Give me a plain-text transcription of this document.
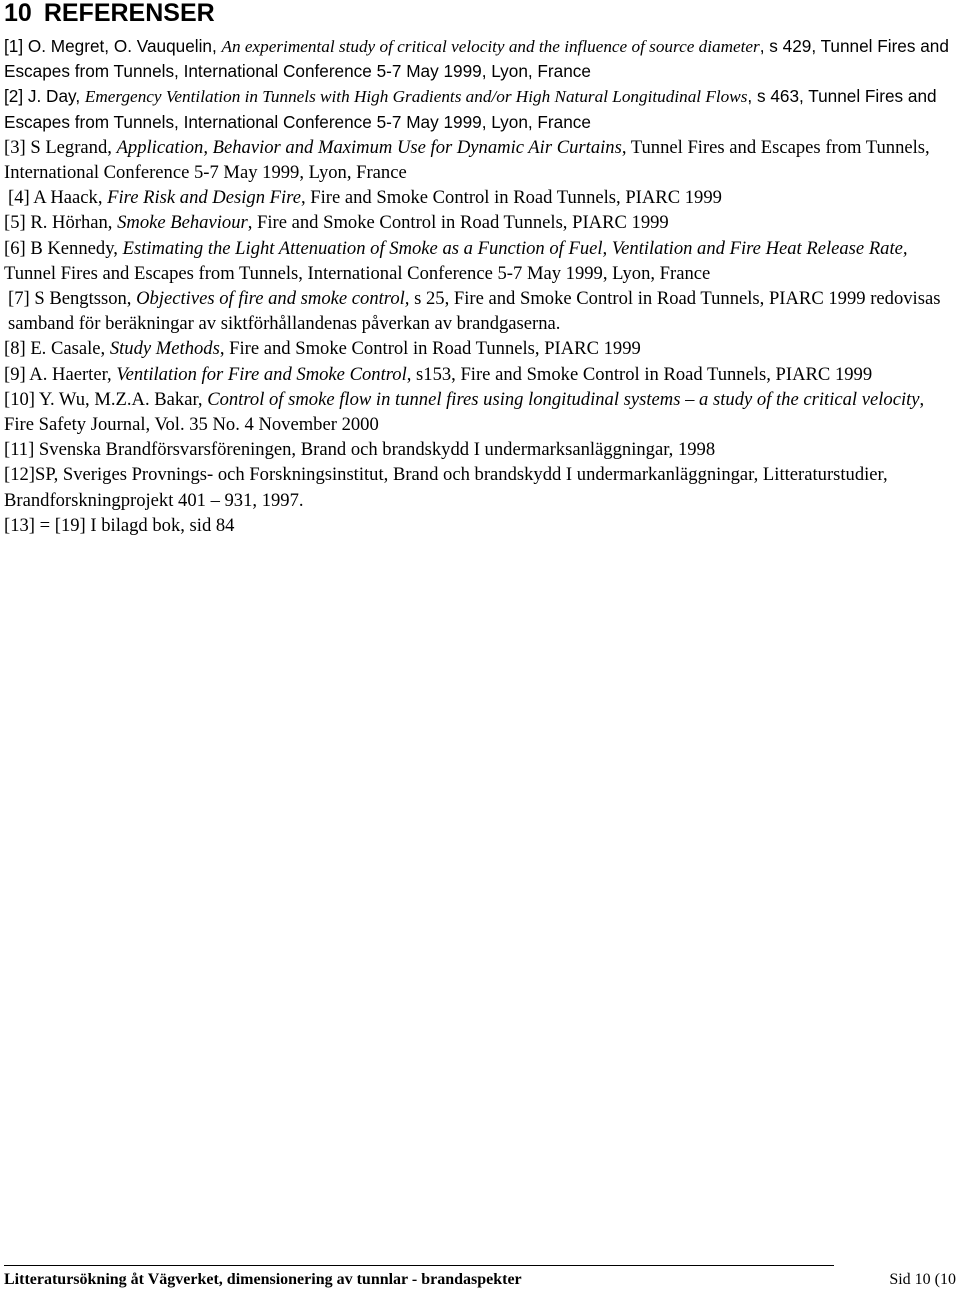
10 REFERENSER

[1] O. Megret, O. Vauquelin, An experimental study of critical velocity and the influence of source diameter, s 429, Tunnel Fires and Escapes from Tunnels, International Conference 5-7 May 1999, Lyon, France

[2] J. Day, Emergency Ventilation in Tunnels with High Gradients and/or High Natural Longitudinal Flows, s 463, Tunnel Fires and Escapes from Tunnels, International Conference 5-7 May 1999, Lyon, France

[3] S Legrand, Application, Behavior and Maximum Use for Dynamic Air Curtains, Tunnel Fires and Escapes from Tunnels, International Conference 5-7 May 1999, Lyon, France

[4] A Haack, Fire Risk and Design Fire, Fire and Smoke Control in Road Tunnels, PIARC 1999

[5] R. Hörhan, Smoke Behaviour, Fire and Smoke Control in Road Tunnels, PIARC 1999

[6] B Kennedy, Estimating the Light Attenuation of Smoke as a Function of Fuel, Ventilation and Fire Heat Release Rate, Tunnel Fires and Escapes from Tunnels, International Conference 5-7 May 1999, Lyon, France

[7] S Bengtsson, Objectives of fire and smoke control, s 25, Fire and Smoke Control in Road Tunnels, PIARC 1999 redovisas samband för beräkningar av siktförhållandenas påverkan av brandgaserna.

[8] E. Casale, Study Methods, Fire and Smoke Control in Road Tunnels, PIARC 1999

[9] A. Haerter, Ventilation for Fire and Smoke Control, s153, Fire and Smoke Control in Road Tunnels, PIARC 1999

[10] Y. Wu, M.Z.A. Bakar, Control of smoke flow in tunnel fires using longitudinal systems – a study of the critical velocity, Fire Safety Journal, Vol. 35 No. 4 November 2000

[11] Svenska Brandförsvarsföreningen, Brand och brandskydd I undermarksanläggningar, 1998

[12]SP, Sveriges Provnings- och Forskningsinstitut, Brand och brandskydd I undermarkanläggningar, Litteraturstudier, Brandforskningprojekt 401 – 931, 1997.

[13] = [19] I bilagd bok, sid 84

Litteratursökning åt Vägverket, dimensionering av tunnlar - brandaspekter	Sid 10 (10
